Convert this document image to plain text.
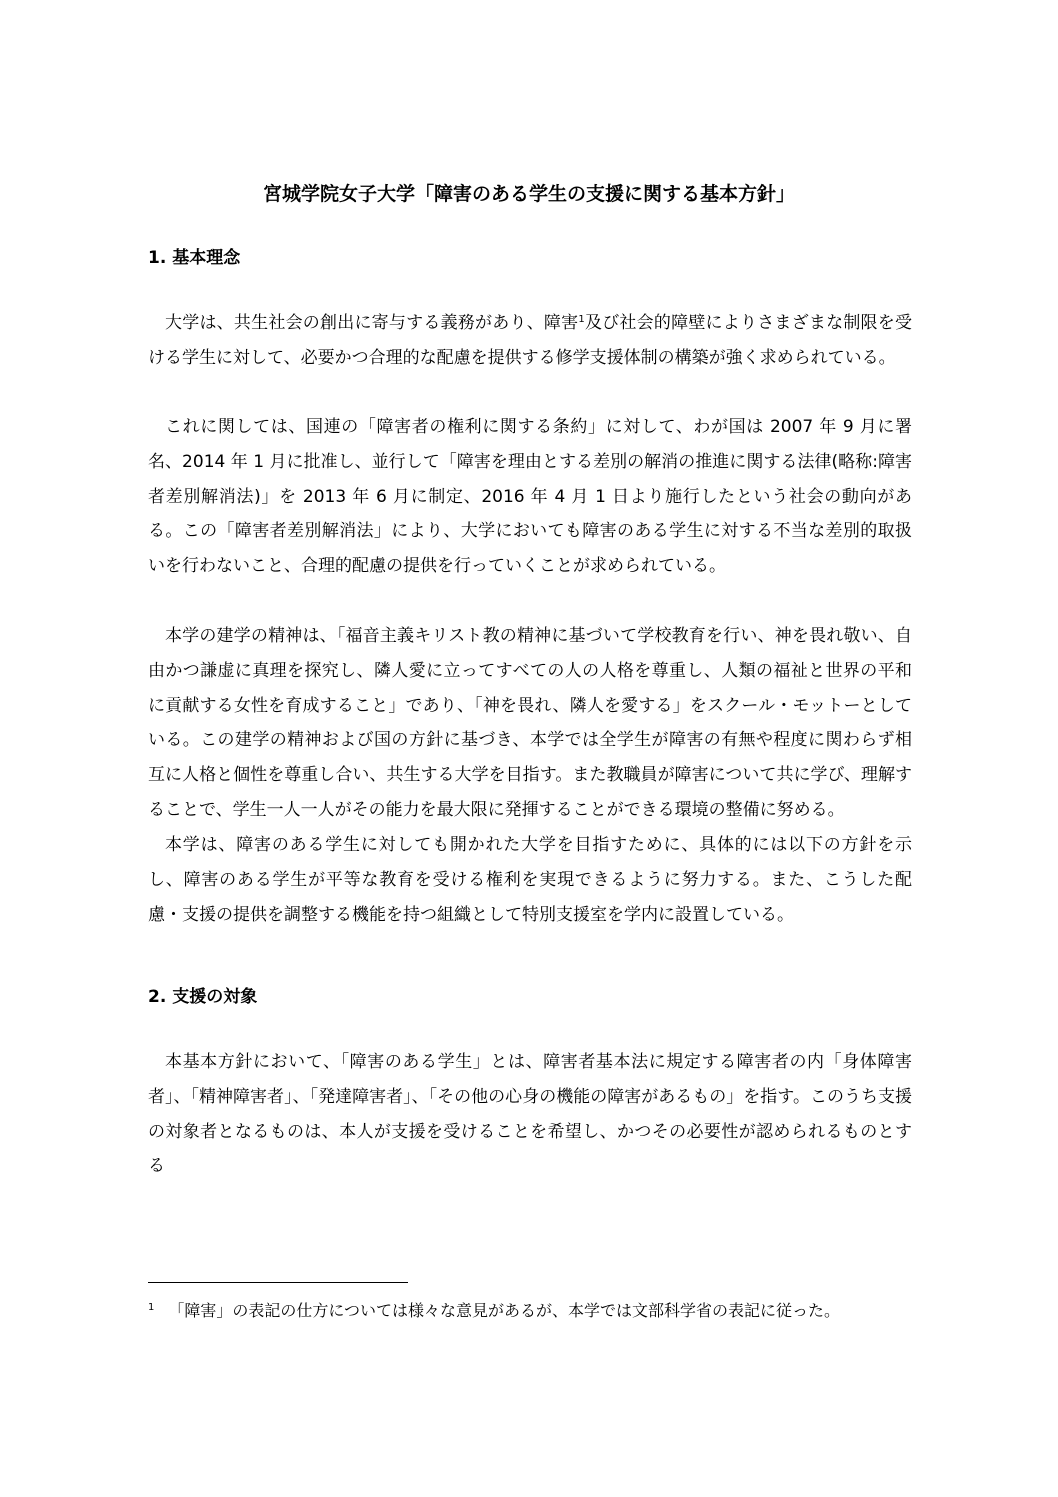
宮城学院女子大学「障害のある学生の支援に関する基本方針」
1. 基本理念

大学は、共生社会の創出に寄与する義務があり、障害$^1$及び社会的障壁によりさまざまな制限を受ける学生に対して、必要かつ合理的な配慮を提供する修学支援体制の構築が強く求められている。

これに関しては、国連の「障害者の権利に関する条約」に対して、わが国は 2007 年 9 月に署名、2014 年 1 月に批准し、並行して「障害を理由とする差別の解消の推進に関する法律(略称:障害者差別解消法)」を 2013 年 6 月に制定、2016 年 4 月 1 日より施行したという社会の動向がある。この「障害者差別解消法」により、大学においても障害のある学生に対する不当な差別的取扱いを行わないこと、合理的配慮の提供を行っていくことが求められている。

本学の建学の精神は、「福音主義キリスト教の精神に基づいて学校教育を行い、神を畏れ敬い、自由かつ謙虚に真理を探究し、隣人愛に立ってすべての人の人格を尊重し、人類の福祉と世界の平和に貢献する女性を育成すること」であり、「神を畏れ、隣人を愛する」をスクール・モットーとしている。この建学の精神および国の方針に基づき、本学では全学生が障害の有無や程度に関わらず相互に人格と個性を尊重し合い、共生する大学を目指す。また教職員が障害について共に学び、理解することで、学生一人一人がその能力を最大限に発揮することができる環境の整備に努める。

本学は、障害のある学生に対しても開かれた大学を目指すために、具体的には以下の方針を示し、障害のある学生が平等な教育を受ける権利を実現できるように努力する。また、こうした配慮・支援の提供を調整する機能を持つ組織として特別支援室を学内に設置している。

2. 支援の対象

本基本方針において、「障害のある学生」とは、障害者基本法に規定する障害者の内「身体障害者」、「精神障害者」、「発達障害者」、「その他の心身の機能の障害があるもの」を指す。このうち支援の対象者となるものは、本人が支援を受けることを希望し、かつその必要性が認められるものとする

$^1$ 「障害」の表記の仕方については様々な意見があるが、本学では文部科学省の表記に従った。
